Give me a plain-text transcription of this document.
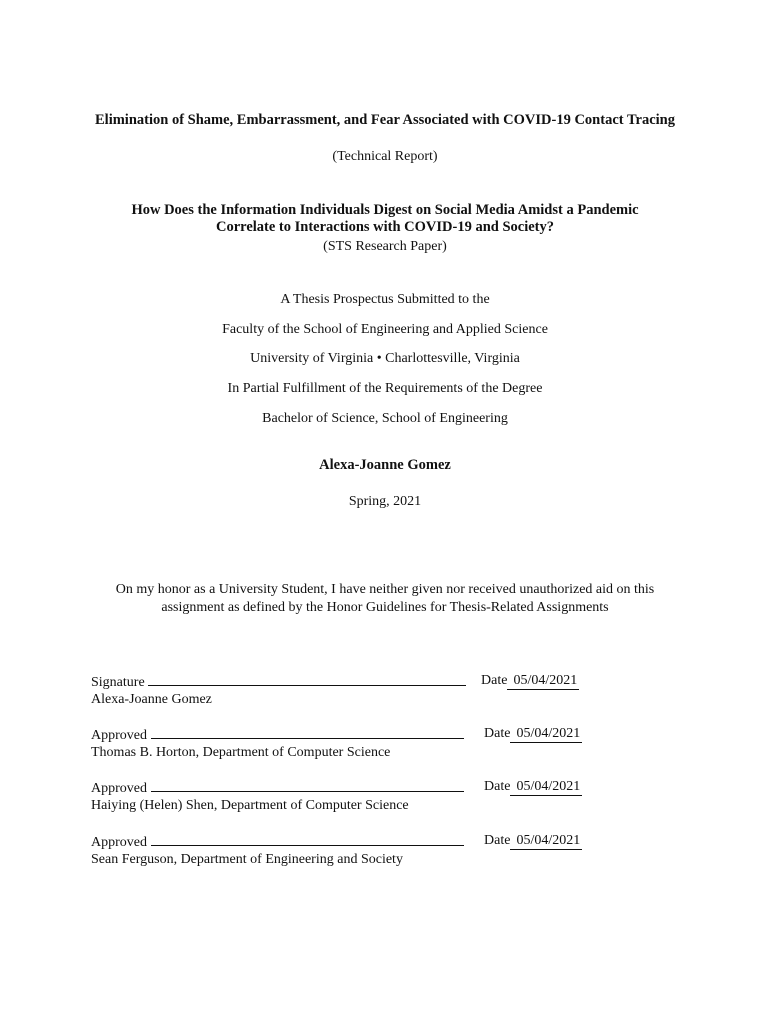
Elimination of Shame, Embarrassment, and Fear Associated with COVID-19 Contact Tracing
(Technical Report)
How Does the Information Individuals Digest on Social Media Amidst a Pandemic Correlate to Interactions with COVID-19 and Society?
(STS Research Paper)
A Thesis Prospectus Submitted to the
Faculty of the School of Engineering and Applied Science
University of Virginia • Charlottesville, Virginia
In Partial Fulfillment of the Requirements of the Degree
Bachelor of Science, School of Engineering
Alexa-Joanne Gomez
Spring, 2021
On my honor as a University Student, I have neither given nor received unauthorized aid on this assignment as defined by the Honor Guidelines for Thesis-Related Assignments
Signature	Date 05/04/2021
Alexa-Joanne Gomez
Approved	Date 05/04/2021
Thomas B. Horton, Department of Computer Science
Approved	Date 05/04/2021
Haiying (Helen) Shen, Department of Computer Science
Approved	Date 05/04/2021
Sean Ferguson, Department of Engineering and Society
